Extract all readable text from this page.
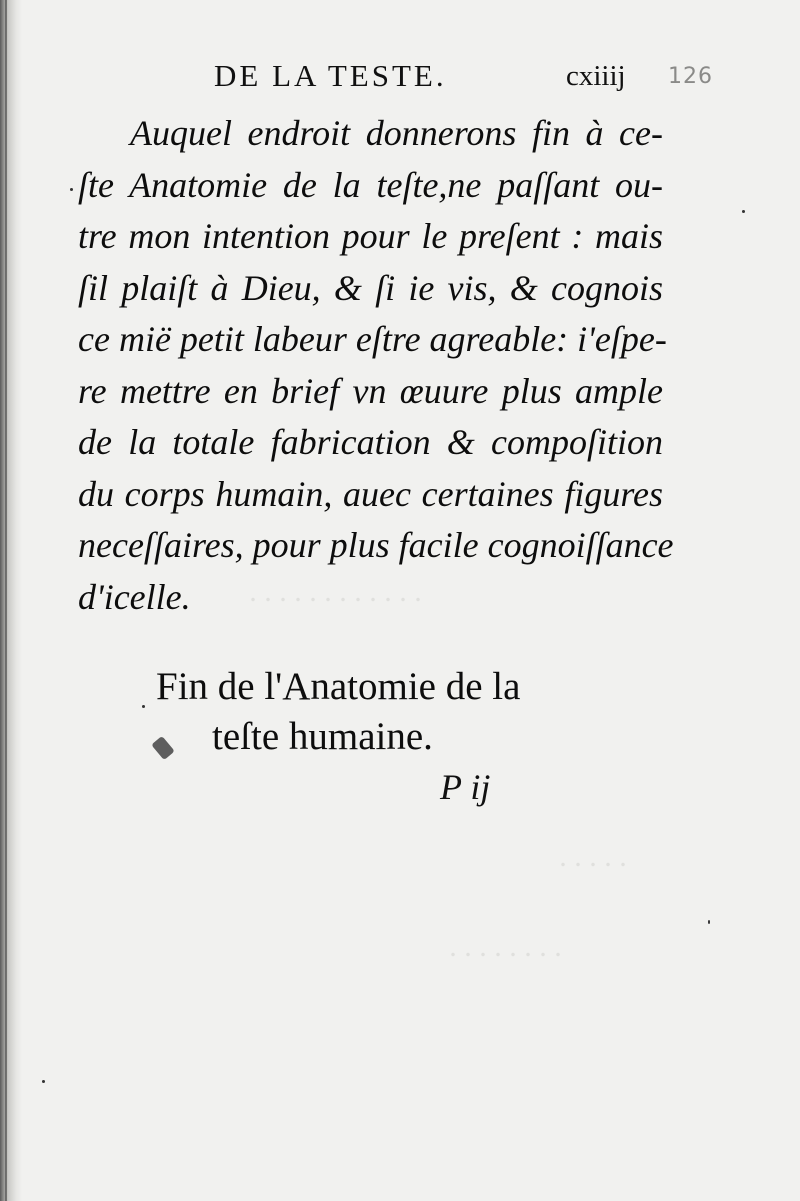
. . . . . . . . . . . .
. . . . .
. . . . . . . .
DE LA TESTE.	cxiiij 126
Auquel endroit donnerons fin à ce-
ſte Anatomie de la teſte,ne paſſant ou-
tre mon intention pour le preſent : mais
ſil plaiſt à Dieu, & ſi ie vis, & cognois
ce mië petit labeur eſtre agreable: i'eſpe-
re mettre en brief vn œuure plus ample
de la totale fabrication & compoſition
du corps humain, auec certaines figures
neceſſaires, pour plus facile cognoiſſance
d'icelle.
Fin de l'Anatomie de la
teſte humaine.
P ij
